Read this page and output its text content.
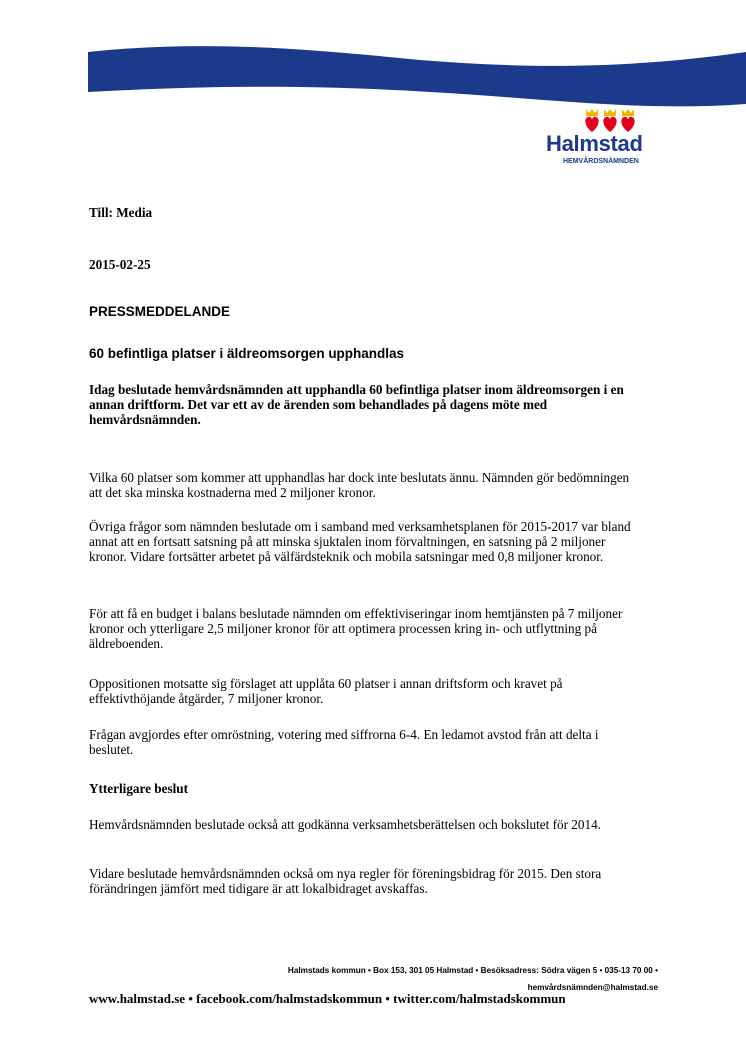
Halmstad
HEMVÅRDSNÄMNDEN
Till: Media
2015-02-25
PRESSMEDDELANDE
60 befintliga platser i äldreomsorgen upphandlas

Idag beslutade hemvårdsnämnden att upphandla 60 befintliga platser inom äldreomsorgen i en annan driftform. Det var ett av de ärenden som behandlades på dagens möte med hemvårdsnämnden.

Vilka 60 platser som kommer att upphandlas har dock inte beslutats ännu. Nämnden gör bedömningen att det ska minska kostnaderna med 2 miljoner kronor.

Övriga frågor som nämnden beslutade om i samband med verksamhetsplanen för 2015-2017 var bland annat att en fortsatt satsning på att minska sjuktalen inom förvaltningen, en satsning på 2 miljoner kronor. Vidare fortsätter arbetet på välfärdsteknik och mobila satsningar med 0,8 miljoner kronor.

För att få en budget i balans beslutade nämnden om effektiviseringar inom hemtjänsten på 7 miljoner kronor och ytterligare 2,5 miljoner kronor för att optimera processen kring in- och utflyttning på äldreboenden.

Oppositionen motsatte sig förslaget att upplåta 60 platser i annan driftsform och kravet på effektivthöjande åtgärder, 7 miljoner kronor.

Frågan avgjordes efter omröstning, votering med siffrorna 6-4. En ledamot avstod från att delta i beslutet.

Ytterligare beslut

Hemvårdsnämnden beslutade också att godkänna verksamhetsberättelsen och bokslutet för 2014.

Vidare beslutade hemvårdsnämnden också om nya regler för föreningsbidrag för 2015. Den stora förändringen jämfört med tidigare är att lokalbidraget avskaffas.

Halmstads kommun • Box 153, 301 05 Halmstad • Besöksadress: Södra vägen 5 • 035-13 70 00 •
hemvårdsnämnden@halmstad.se
www.halmstad.se • facebook.com/halmstadskommun • twitter.com/halmstadskommun
